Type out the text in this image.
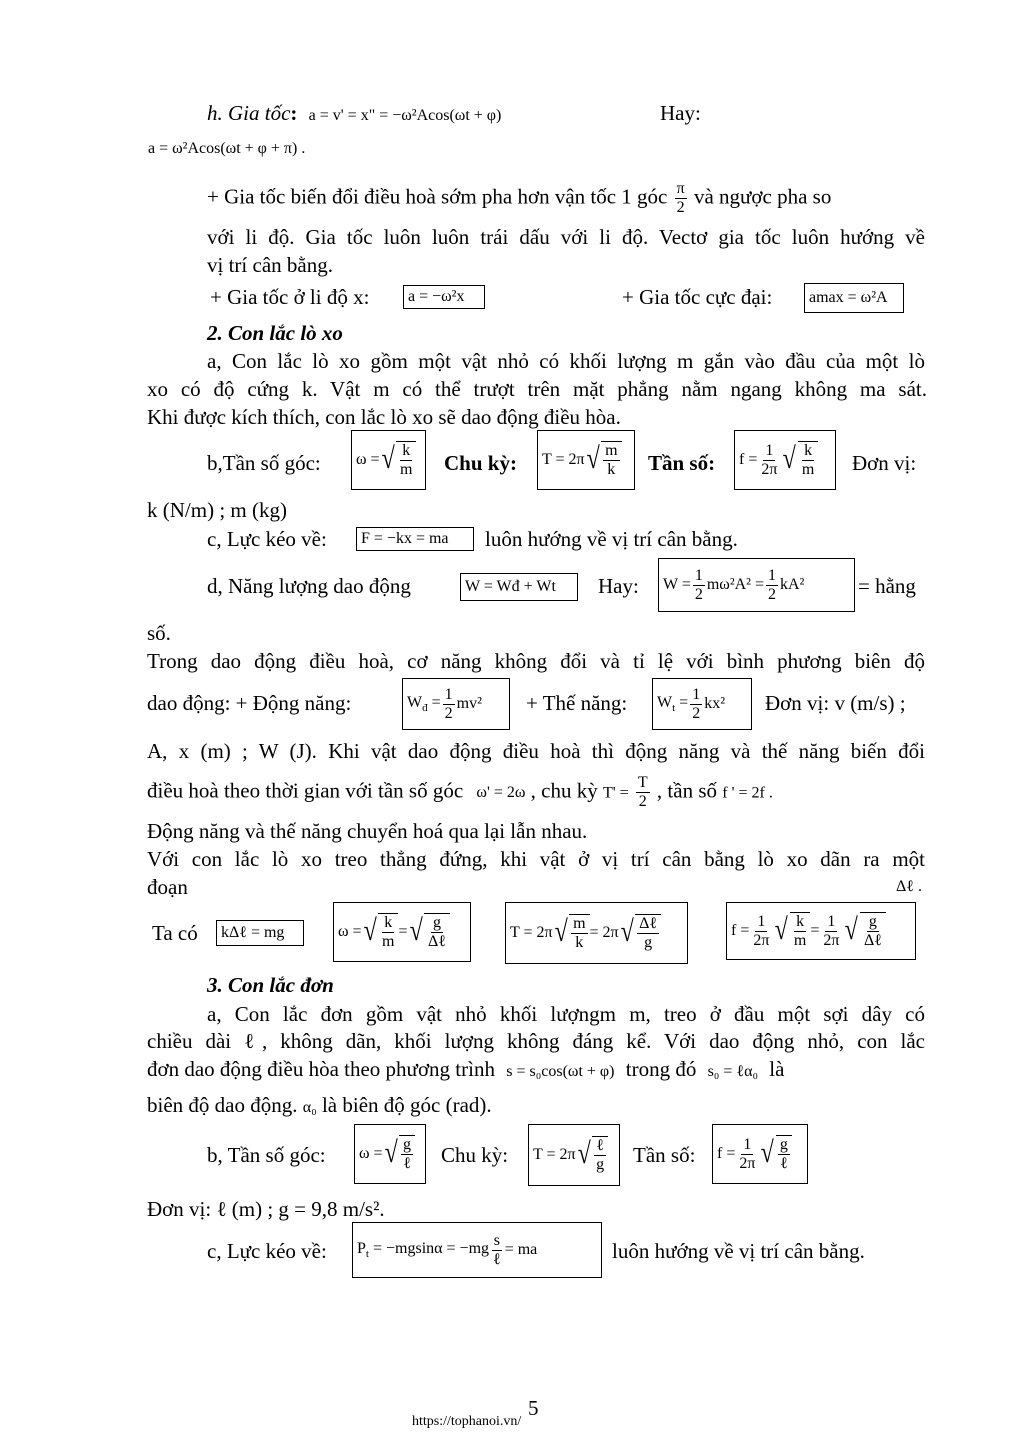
h. Gia tốc: a = v' = x" = −ω²Acos(ωt + φ)	Hay:
a = ω²Acos(ωt + φ + π) .
+ Gia tốc biến đổi điều hoà sớm pha hơn vận tốc 1 góc $\frac{\pi}{2}$ và ngược pha so
với li độ. Gia tốc luôn luôn trái dấu với li độ. Vectơ gia tốc luôn hướng về
vị trí cân bằng.
+ Gia tốc ở li độ x:	a = −ω²x	+ Gia tốc cực đại:	amax = ω²A
2. Con lắc lò xo
a, Con lắc lò xo gồm một vật nhỏ có khối lượng m gắn vào đầu của một lò
xo có độ cứng k. Vật m có thể trượt trên mặt phẳng nằm ngang không ma sát.
Khi được kích thích, con lắc lò xo sẽ dao động điều hòa.
b,Tần số góc: ω = √ $\frac{k}{m}$ Chu kỳ: T = 2π √ $\frac{m}{k}$ Tần số: $f = \frac{1}{2\pi}$ √ $\frac{k}{m}$ Đơn vị:
k (N/m) ; m (kg)
c, Lực kéo về:	F = −kx = ma	luôn hướng về vị trí cân bằng.
d, Năng lượng dao động	W = Wđ + Wt	Hay: $W = \frac{1}{2} m\omega^2A^2 = \frac{1}{2} kA^2$	= hằng
số.
Trong dao động điều hoà, cơ năng không đổi và tỉ lệ với bình phương biên độ
dao động: + Động năng:	$W_đ = \frac{1}{2} mv^2$ + Thế năng: $W_t = \frac{1}{2} kx^2$ Đơn vị: v (m/s) ;
A, x (m) ; W (J). Khi vật dao động điều hoà thì động năng và thế năng biến đổi
điều hoà theo thời gian với tần số góc ω' = 2ω , chu kỳ $T' = \frac{T}{2}$ , tần số f ' = 2f .
Động năng và thế năng chuyển hoá qua lại lẫn nhau.
Với con lắc lò xo treo thẳng đứng, khi vật ở vị trí cân bằng lò xo dãn ra một
đoạn	Δℓ .
Ta có	kΔℓ = mg	ω = √ $\frac{k}{m}$ = √ $\frac{g}{\text{Δℓ}}$	T = 2π √ $\frac{m}{k} = 2\pi$ √ $\frac{\text{Δℓ}}{g}$	$f = \frac{1}{2\pi}$ √ $\frac{k}{m} = \frac{1}{2\pi}$ √ $\frac{g}{\text{Δℓ}}$
3. Con lắc đơn
a, Con lắc đơn gồm vật nhỏ khối lượngm m, treo ở đầu một sợi dây có
chiều dài ℓ, không dãn, khối lượng không đáng kể. Với dao động nhỏ, con lắc
đơn dao động điều hòa theo phương trình s = s₀cos(ωt + φ) trong đó s₀ = ℓα₀ là
biên độ dao động. α₀ là biên độ góc (rad).
b, Tần số góc: ω = √ $\frac{g}{\text{ℓ}}$ Chu kỳ: T = 2π √ $\frac{\text{ℓ}}{g}$ Tần số: $f = \frac{1}{2\pi}$ √ $\frac{g}{\text{ℓ}}$
Đơn vị: ℓ (m) ; g = 9,8 m/s².
c, Lực kéo về: $P_t = -mgsin\alpha = -mg \frac{s}{\text{ℓ}}$ = ma	luôn hướng về vị trí cân bằng.
5
https://tophanoi.vn/
